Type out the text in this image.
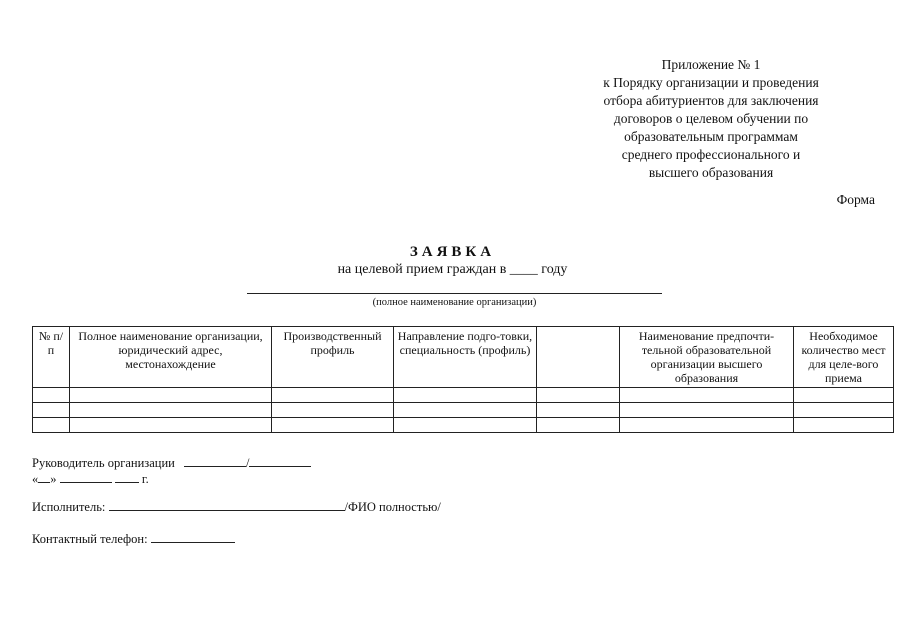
Приложение № 1
к Порядку организации и проведения
отбора абитуриентов для заключения
договоров о целевом обучении по
образовательным программам
среднего профессионального и
высшего образования
Форма
ЗАЯВКА
на целевой прием граждан в ____ году
(полное наименование организации)
№ п/п	Полное наименование организации, юридический адрес, местонахождение	Производственный профиль	Направление подго-товки, специальность (профиль)		Наименование предпочти-тельной образовательной организации высшего образования	Необходимое количество мест для целе-вого приема

Руководитель организации	/
« »	г.
Исполнитель:	/ФИО полностью/
Контактный телефон:
